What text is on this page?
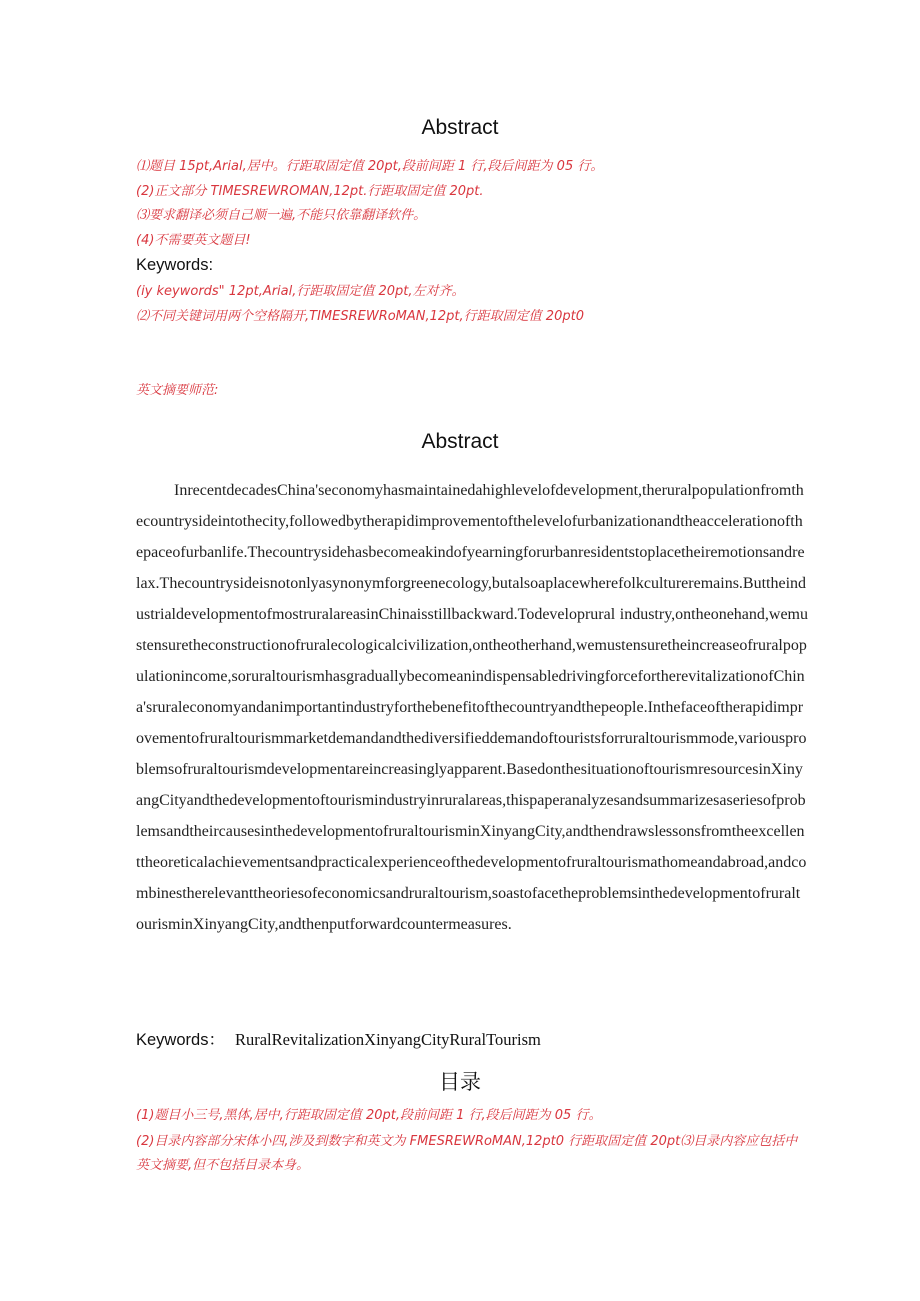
Abstract
⑴题目 15pt,Arial,居中。行距取固定值 20pt,段前间距 1 行,段后间距为 05 行。
(2)正文部分 TIMESREWROMAN,12pt.行距取固定值 20pt.
⑶要求翻译必须自己顺一遍,不能只依靠翻译软件。
(4)不需要英文题目!
Keywords:
(iy keywords" 12pt,Arial,行距取固定值 20pt,左对齐。
⑵不同关键词用两个空格隔开,TIMESREWRoMAN,12pt,行距取固定值 20pt0
英文摘要师范:
Abstract
InrecentdecadesChina'seconomyhasmaintainedahighlevelofdevelopment,theruralpopulationfromthecountrysideintothecity,followedbytherapidimprovementofthelevelofurbanizationandtheaccelerationofthepaceofurbanlife.Thecountrysidehasbecomeakindofyearningforurbanresidentstoplacetheiremotionsandrelax.Thecountrysideisnotonlyasynonymforgreenecology,butalsoaplacewherefolkcultureremains.ButtheindustrialdevelopmentofmostruralareasinChinaisstillbackward.Todeveloprural industry,ontheonehand,wemustensuretheconstructionofruralecologicalcivilization,ontheotherhand,wemustensuretheincreaseofruralpopulationincome,soruraltourismhasgraduallybecomeanindispensabledrivingforcefortherevitalizationofChina'sruraleconomyandanimportantindustryforthebenefitofthecountryandthepeople.Inthefaceoftherapidimprovementofruraltourismmarketdemandandthediversifieddemandoftouristsforruraltourismmode,variousproblemsofruraltourismdevelopmentareincreasinglyapparent.BasedonthesituationoftourismresourcesinXinyangCityandthedevelopmentoftourismindustryinruralareas,thispaperanalyzesandsummarizesaseriesofproblemsandtheircausesinthedevelopmentofruraltourisminXinyangCity,andthendrawslessonsfromtheexcellenttheoreticalachievementsandpracticalexperienceofthedevelopmentofruraltourismathomeandabroad,andcombinestherelevanttheoriesofeconomicsandruraltourism,soastofacetheproblemsinthedevelopmentofruraltourisminXinyangCity,andthenputforwardcountermeasures.
Keywords： RuralRevitalizationXinyangCityRuralTourism
目录
(1)题目小三号,黑体,居中,行距取固定值 20pt,段前间距 1 行,段后间距为 05 行。
(2)目录内容部分宋体小四,涉及到数字和英文为 FMESREWRoMAN,12pt0 行距取固定值 20pt⑶目录内容应包括中英文摘要,但不包括目录本身。
